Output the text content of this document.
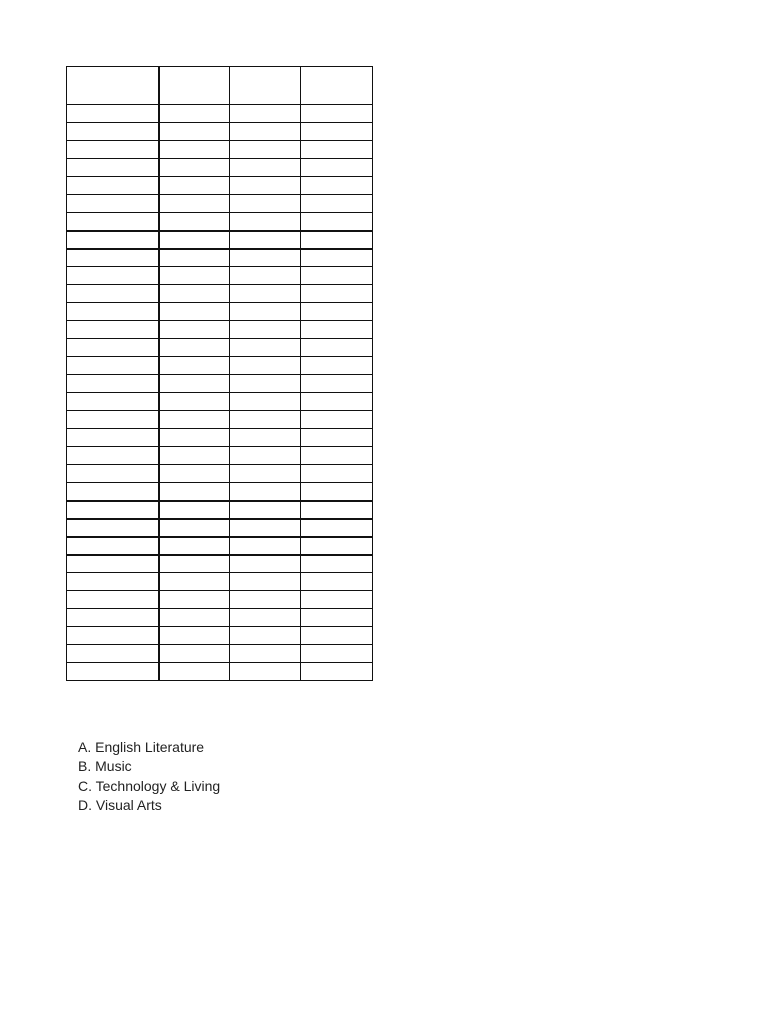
A. English Literature
B. Music
C. Technology & Living
D. Visual Arts
